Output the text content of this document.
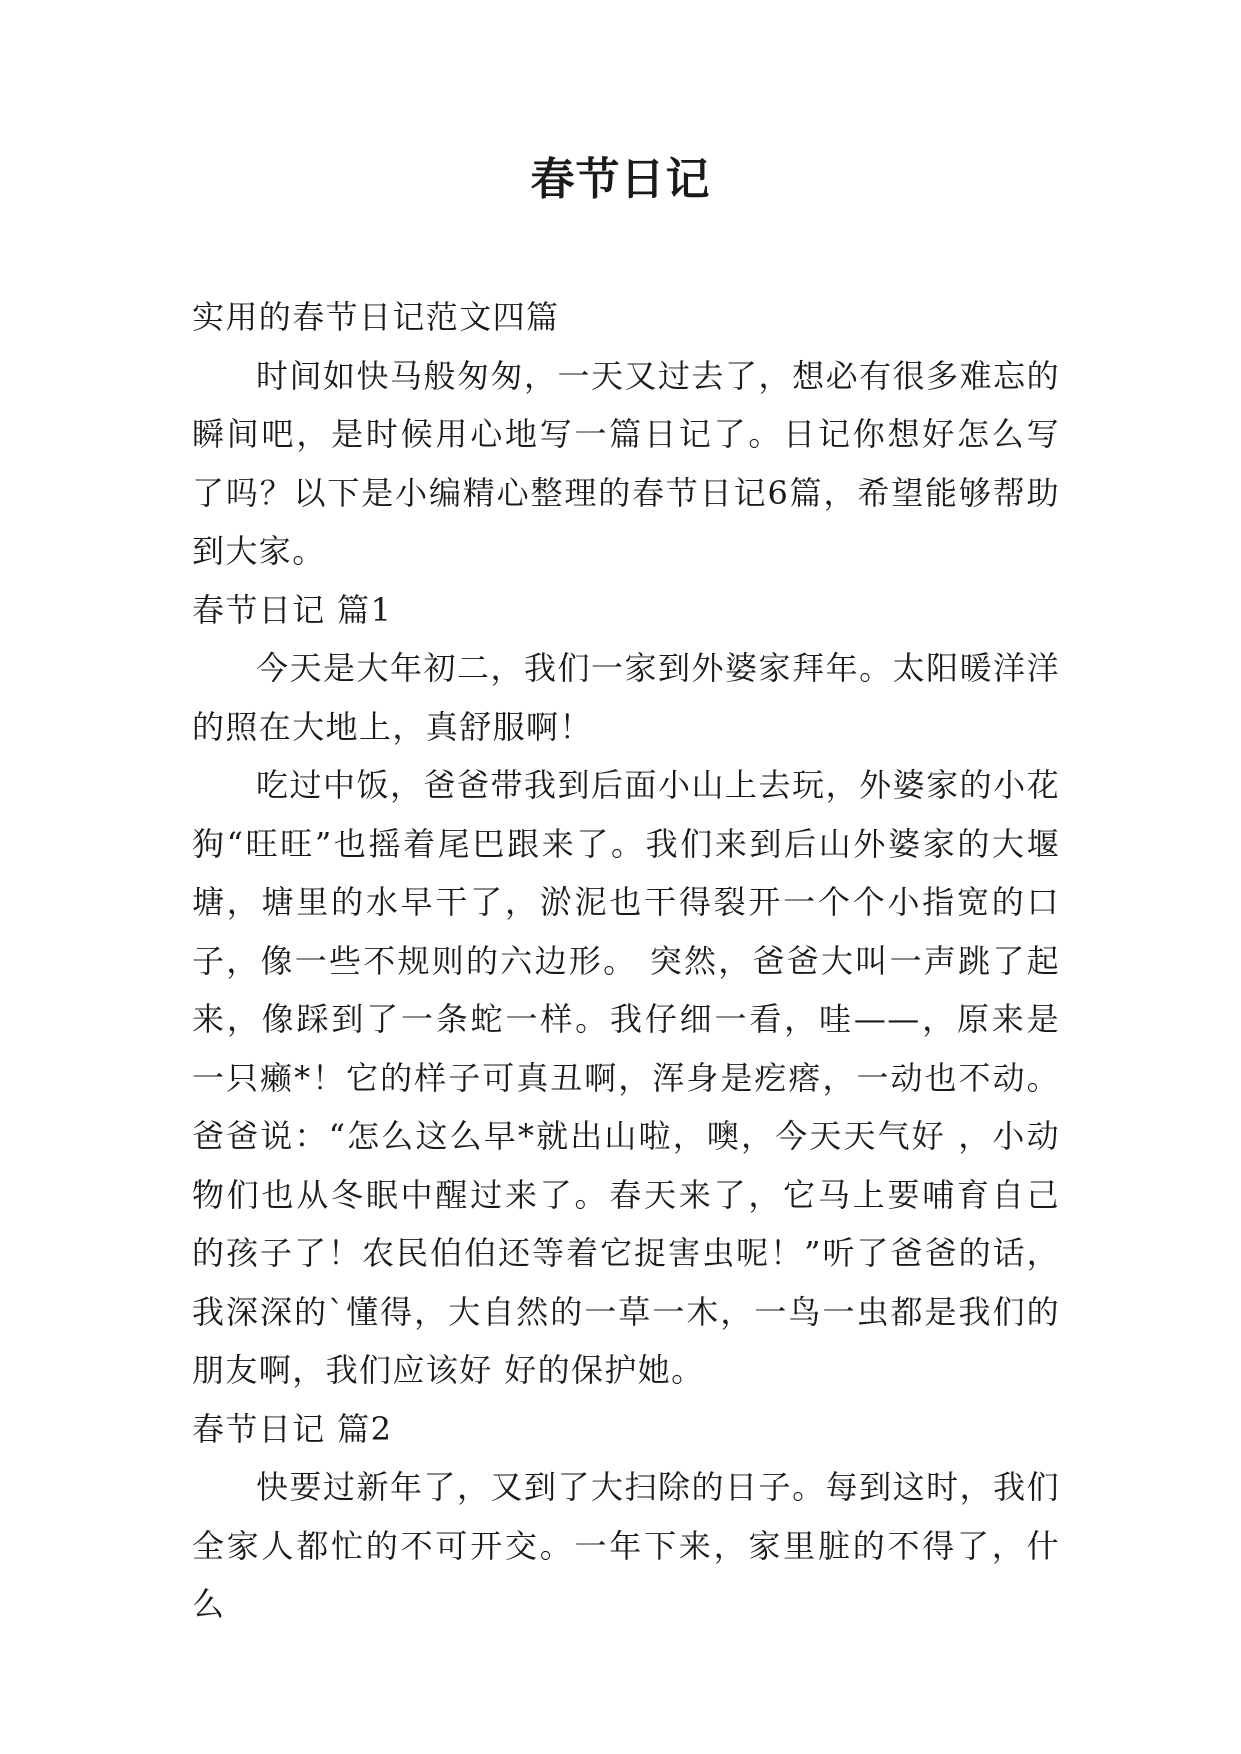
春节日记

实用的春节日记范文四篇

时间如快马般匆匆，一天又过去了，想必有很多难忘的瞬间吧，是时候用心地写一篇日记了。日记你想好怎么写了吗？以下是小编精心整理的春节日记6篇，希望能够帮助到大家。

春节日记 篇1

今天是大年初二，我们一家到外婆家拜年。太阳暖洋洋的照在大地上，真舒服啊！

吃过中饭，爸爸带我到后面小山上去玩，外婆家的小花狗“旺旺”也摇着尾巴跟来了。我们来到后山外婆家的大堰塘，塘里的水早干了，淤泥也干得裂开一个个小指宽的口子，像一些不规则的六边形。 突然，爸爸大叫一声跳了起来，像踩到了一条蛇一样。我仔细一看，哇——，原来是一只癞*！它的样子可真丑啊，浑身是疙瘩，一动也不动。爸爸说：“怎么这么早*就出山啦，噢，今天天气好 ，小动物们也从冬眠中醒过来了。春天来了，它马上要哺育自己的孩子了！农民伯伯还等着它捉害虫呢！”听了爸爸的话，我深深的`懂得，大自然的一草一木，一鸟一虫都是我们的朋友啊，我们应该好 好的保护她。

春节日记 篇2

快要过新年了，又到了大扫除的日子。每到这时，我们全家人都忙的不可开交。一年下来，家里脏的不得了，什么
